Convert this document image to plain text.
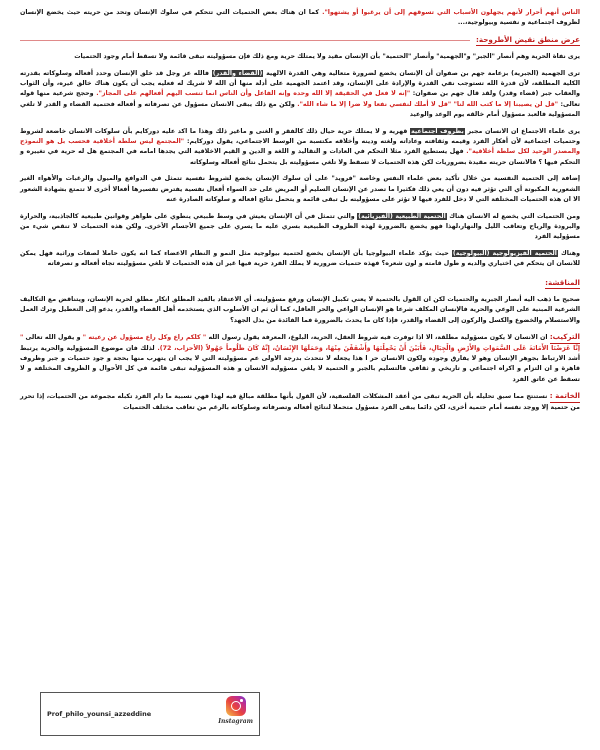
الناس أنهم أحرار لأنهم يجهلون الأسباب التي تسوقهم إلى أن يرغبوا أو يشتهوا". كما ان هناك بعض الحتميات التي تتحكم في سلوك الإنسان وتحد من حريته حيث يخضع الإنسان لظروف اجتماعية و نفسية وبيولوجية،...

عرض منطق نقيض الأطروحة:

يرى نفاة الحرية وهم أنصار "الجبر" و"الجهمية" وأنصار "الحتمية" بأن الإنسان مقيد ولا يمتلك حرية ومع ذلك فإن مسؤوليته تبقى قائمة ولا تسقط أمام وجود الحتميات

ترى الجهمية (الجبرية) بزعامة جهم بن صفوان أن الإنسان يخضع لضرورة متعالية وهي القدرة الالهية (القضاء والقدر) فالله عز وجل قد خلق الإنسان وحدد أفعاله وسلوكاته بقدرته الكلية المطلقة، لأن قدرة الله تستوجب نفي القدرة والإرادة على الإنسان، وقد اعتمد الجهمية على أدلة منها أن الله لا شريك له فعليه يجب أن يكون هناك خالق غيره، وأن الثواب والعقاب جبر (قضاء وقدر) ولقد قال جهم بن صفوان: "إنه لا فعل في الحقيقة إلا الله وحده وإنه الفاعل وأن الناس انما تنسب اليهم أفعالهم على المجاز". وحجج شرعية منها قوله تعالى: "قل لن يصيبنا إلا ما كتب الله لنا" "قل لا أملك لنفسي نفعا ولا ضرا إلا ما شاء الله". ولكن مع ذلك يبقى الانسان مسؤول عن تصرفاته و أفعاله فحتمية القضاء و القدر لا تلغي المسؤولية فالعبد مسؤول أمام خالقه يوم الوعد والوعيد

يرى علماء الاجتماع ان الانسان مجبر بظروف اجتماعية قهرية و لا يمتلك حرية حيال ذلك كالفقر و الغنى و ماغير ذلك وهذا ما اكد عليه دوركايم بأن سلوكات الانسان خاضعة لشروط وحتميات اجتماعية لأن أفكار الفرد وقيمه وثقافته وعاداته ولغته ودينه وأخلاقه مكتسبة من الوسط الاجتماعي، يقول دوركايم: "المجتمع ليس سلطة أخلاقية فحسب بل هو النموذج والمصدر الوحيد لكل سلطة أخلاقية". فهل يستطيع الفرد مثلا التحكم في العادات و التقاليد و اللغة و الدين و القيم الاخلاقية التي يجدها امامه في المجتمع هل له حرية في تغييره و التحكم فيها ؟ فالانسان حريته مقيدة بضروريات لكن هذه الحتميات لا تسقط ولا تلغي مسؤوليته بل يتحمل نتائج أفعاله وسلوكاته

إضافة إلى الحتمية النفسية من خلال تأكيد بعض علماء النفس وخاصة "فرويد" على أن سلوك الإنسان يخضع لشروط نفسية تتمثل في الدوافع والميول والرغبات والأهواء الغير الشعورية المكبوتة أي التي تؤثر فيه دون أن يعي ذلك فكثيرا ما تصدر عن الإنسان السليم أو المريض على حد السواء أفعال نفسية يفترض تفسيرها أفعالا أخرى لا تتمتع بشهادة الشعور الا ان هذه الحتميات المختلفة التي لا دخل للفرد فيها لا تؤثر على مسؤوليته بل تبقى قائمة و يتحمل نتائج افعاله و سلوكاته الصادرة عنه

ومن الحتميات التي يخضع له الانسان هناك الحتمية الطبيعية (الفيزيائية) والتي تتمثل في أن الإنسان يعيش في وسط طبيعي ينطوي على ظواهر وقوانين طبيعية كالجاذبية، والحرارة والبرودة والرياح وتعاقب الليل والنهار،لهذا فهو يخضع بالضرورة لهذه الظروف الطبيعية بسري عليه ما يسري على جميع الأجسام الأخرى. ولكن هذه الحتميات لا تنقص شيء من مسؤولية الفرد

وهناك الحتمية الفيزيولوجية (البيولوجية) حيث يؤكد علماء البيولوجيا بأن الإنسان يخضع لحتمية بيولوجية مثل النمو و النظام الاعضاء كما انه يكون حاملا لصفات وراثية فهل يمكن للانسان ان يتحكم في اختياري والديه و طول قامته و لون شعره؟ فهذه حتميات ضرورية لا يملك الفرد حرية فيها غير ان هذه الحتميات لا تلغي مسؤوليته تجاه أفعاله و تصرفاته

المناقشة:

صحيح ما ذهب اليه أنصار الجبرية والحتميات لكن ان القول بالحتمية لا يعني تكبيل الإنسان ورفع مسؤوليته. أي الاعتقاد بالقيد المطلق انكار مطلق لحرية الإنسان، ويتناقض مع التكاليف الشرعية المبنية على الوعي والحرية فالإنسان المكلف شرعا هو الإنسان الواعي والحر العاقل، كما أن ثم ان الأسلوب الذي يستخدمه أهل القضاء والقدر، يدعو إلى التعطيل وترك العمل والاستسلام والخضوع والكسل والركون إلى القضاء والقدر، فإذا كان ما يحدث بالضرورة فما الفائدة من بذل الجهد؟

التركيب: ان الانسان لا يكون مسؤولية مطلقة، الا اذا توفرت فيه شروط العقل، الحرية، البلوغ، المعرفة يقول رسول الله " كلكم راع وكل راع مسؤول عن رعيته " و يقول الله تعالى " إنَّا عَرَضْنَا الأَمَانَةَ عَلَى السَّمَوَاتِ وَالأَرْضِ وَالْجِبَالِ، فَأَبَيْنَ أَنْ يَحْمِلْنَهَا وَأَشْفَقْنَ مِنْهَا، وَحَمَلَهَا الإِنْسَانُ، إِنَّهُ كَانَ ظَلُوماً جَهُولاً (الأحزاب، 72). لذلك فان موضوع المسؤولية والحرية يرتبط أشد الارتباط بجوهر الإنسان وهو لا يفارق وجوده ولكون الانسان حر ا هذا يجعله لا نتحدث بدرجة الاولى عم مسؤوليته التي لا يجب ان يتهرب منها بحجة و جود حتميات و جبر وظروف قاهرة و ان التزام و اكراه اجتماعي و تاريخي و ثقافي فالتسليم بالجبر و الحتمية لا يلغي مسؤولية الانسان و هذه المسؤولية تبقى قائمة في كل الأحوال و الظروف المختلفة و لا تسقط عن عاتق الفرد

الخاتمة : نستنتج مما سبق تحليله بأن الحرية تبقى من أعقد المشكلات الفلسفية، لأن القول بأنها مطلقة مبالغ فيه لهذا فهي نسبية ما دام الفرد تكبله مجموعة من الحتميات، إذا تحرر من حتمية إلا ووجد نفسه أمام حتمية أخرى، لكن دائما يبقى الفرد مسؤول متحملا لنتائج أفعاله وتصرفاته وسلوكاته بالرغم من تعاقب مختلف الحتميات

Prof_philo_younsi_azzeddine
Instagram
